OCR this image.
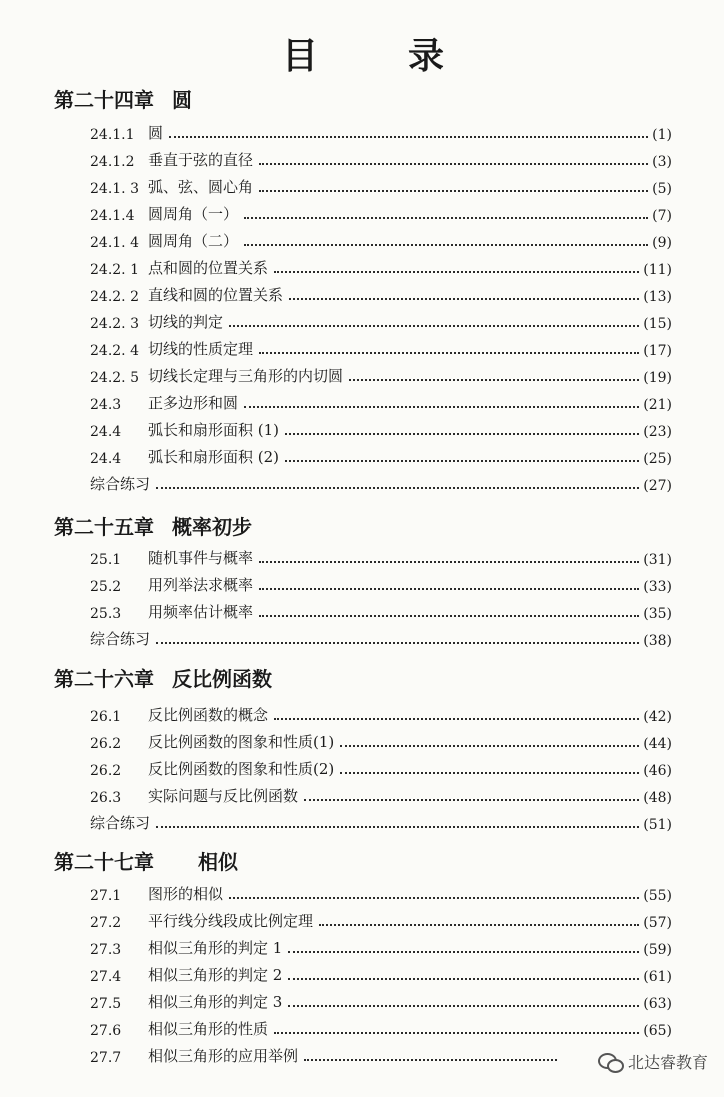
目 录
第二十四章 圆
24.1.1 圆	(1)
24.1.2 垂直于弦的直径	(3)
24.1. 3 弧、弦、圆心角	(5)
24.1.4 圆周角（一）	(7)
24.1. 4 圆周角（二）	(9)
24.2. 1 点和圆的位置关系	(11)
24.2. 2 直线和圆的位置关系	(13)
24.2. 3 切线的判定	(15)
24.2. 4 切线的性质定理	(17)
24.2. 5 切线长定理与三角形的内切圆	(19)
24.3	正多边形和圆	(21)
24.4	弧长和扇形面积 (1)	(23)
24.4	弧长和扇形面积 (2)	(25)
综合练习	(27)
第二十五章 概率初步
25.1	随机事件与概率	(31)
25.2	用列举法求概率	(33)
25.3	用频率估计概率	(35)
综合练习	(38)
第二十六章 反比例函数
26.1	反比例函数的概念	(42)
26.2	反比例函数的图象和性质(1)	(44)
26.2	反比例函数的图象和性质(2)	(46)
26.3	实际问题与反比例函数	(48)
综合练习	(51)
第二十七章 相似
27.1	图形的相似	(55)
27.2	平行线分线段成比例定理	(57)
27.3	相似三角形的判定 1	(59)
27.4	相似三角形的判定 2	(61)
27.5	相似三角形的判定 3	(63)
27.6	相似三角形的性质	(65)
27.7	相似三角形的应用举例	北达睿教育
